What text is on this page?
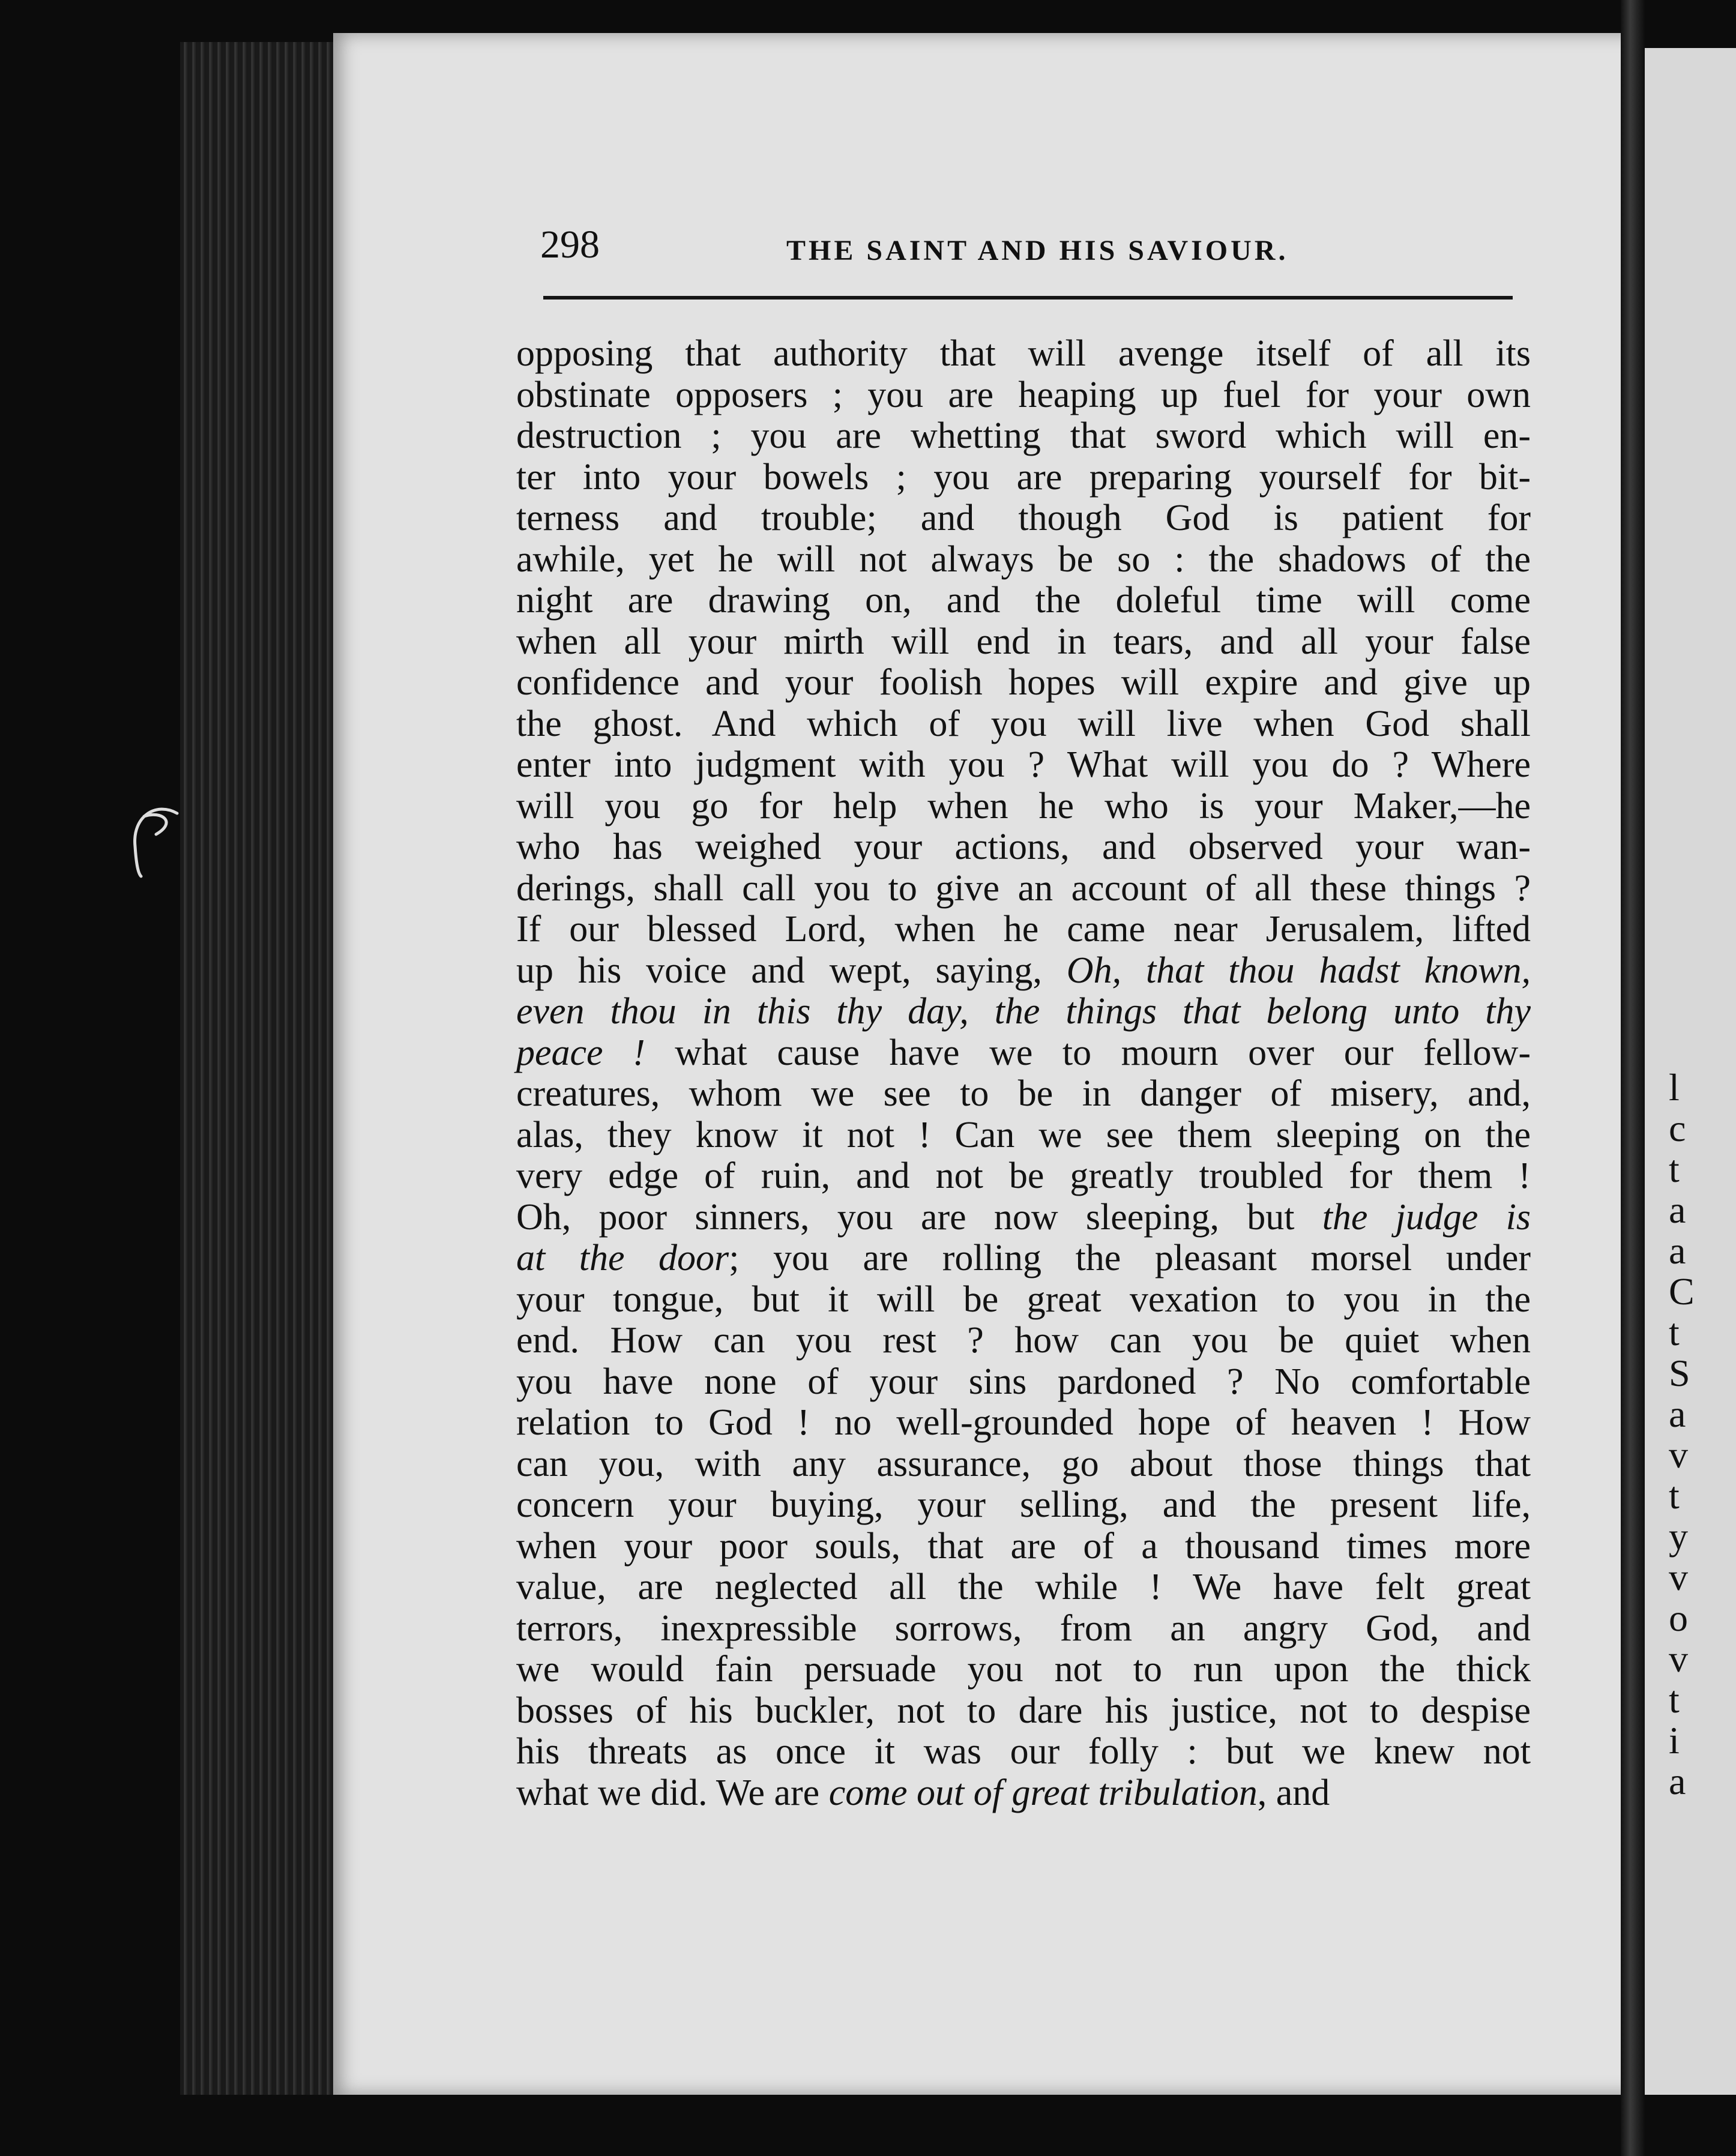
l
c
t
a
a
C
t
S
a
v
t
y
v
o
v
t
i
a
298	THE SAINT AND HIS SAVIOUR.
opposing that authority that will avenge itself of all its
obstinate opposers ; you are heaping up fuel for your own
destruction ; you are whetting that sword which will en-
ter into your bowels ; you are preparing yourself for bit-
terness and trouble; and though God is patient for
awhile, yet he will not always be so : the shadows of the
night are drawing on, and the doleful time will come
when all your mirth will end in tears, and all your false
confidence and your foolish hopes will expire and give up
the ghost. And which of you will live when God shall
enter into judgment with you ? What will you do ? Where
will you go for help when he who is your Maker,—he
who has weighed your actions, and observed your wan-
derings, shall call you to give an account of all these things ?
If our blessed Lord, when he came near Jerusalem, lifted
up his voice and wept, saying, Oh, that thou hadst known,
even thou in this thy day, the things that belong unto thy
peace ! what cause have we to mourn over our fellow-
creatures, whom we see to be in danger of misery, and,
alas, they know it not ! Can we see them sleeping on the
very edge of ruin, and not be greatly troubled for them !
Oh, poor sinners, you are now sleeping, but the judge is
at the door; you are rolling the pleasant morsel under
your tongue, but it will be great vexation to you in the
end. How can you rest ? how can you be quiet when
you have none of your sins pardoned ? No comfortable
relation to God ! no well-grounded hope of heaven ! How
can you, with any assurance, go about those things that
concern your buying, your selling, and the present life,
when your poor souls, that are of a thousand times more
value, are neglected all the while ! We have felt great
terrors, inexpressible sorrows, from an angry God, and
we would fain persuade you not to run upon the thick
bosses of his buckler, not to dare his justice, not to despise
his threats as once it was our folly : but we knew not
what we did. We are come out of great tribulation, and
